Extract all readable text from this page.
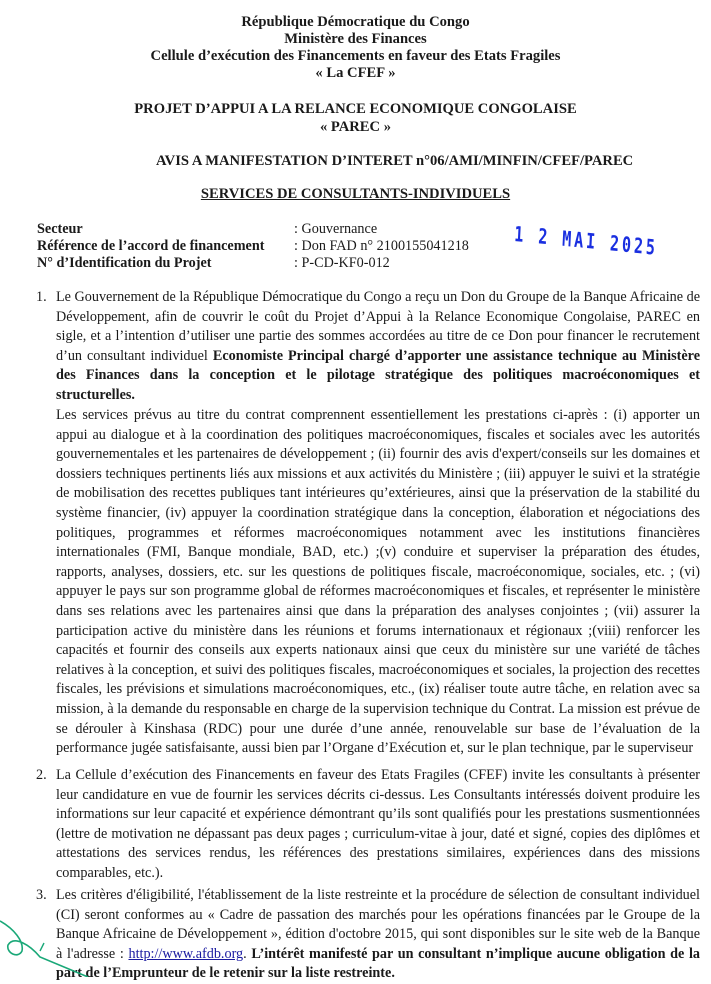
République Démocratique du Congo
Ministère des Finances
Cellule d’exécution des Financements en faveur des Etats Fragiles
« La CFEF »
PROJET D’APPUI A LA RELANCE ECONOMIQUE CONGOLAISE
« PAREC »
AVIS A MANIFESTATION D’INTERET n°06/AMI/MINFIN/CFEF/PAREC
SERVICES DE CONSULTANTS-INDIVIDUELS
Secteur	: Gouvernance
Référence de l’accord de financement	: Don FAD n° 2100155041218
N° d’Identification du Projet	: P-CD-KF0-012
1 2 MAI 2025
1. Le Gouvernement de la République Démocratique du Congo a reçu un Don du Groupe de la Banque Africaine de Développement, afin de couvrir le coût du Projet d’Appui à la Relance Economique Congolaise, PAREC en sigle, et a l’intention d’utiliser une partie des sommes accordées au titre de ce Don pour financer le recrutement d’un consultant individuel Economiste Principal chargé d’apporter une assistance technique au Ministère des Finances dans la conception et le pilotage stratégique des politiques macroéconomiques et structurelles.
Les services prévus au titre du contrat comprennent essentiellement les prestations ci-après : (i) apporter un appui au dialogue et à la coordination des politiques macroéconomiques, fiscales et sociales avec les autorités gouvernementales et les partenaires de développement ; (ii) fournir des avis d'expert/conseils sur les domaines et dossiers techniques pertinents liés aux missions et aux activités du Ministère ; (iii) appuyer le suivi et la stratégie de mobilisation des recettes publiques tant intérieures qu’extérieures, ainsi que la préservation de la stabilité du système financier, (iv) appuyer la coordination stratégique dans la conception, élaboration et négociations des politiques, programmes et réformes macroéconomiques notamment avec les institutions financières internationales (FMI, Banque mondiale, BAD, etc.) ;(v) conduire et superviser la préparation des études, rapports, analyses, dossiers, etc. sur les questions de politiques fiscale, macroéconomique, sociales, etc. ; (vi) appuyer le pays sur son programme global de réformes macroéconomiques et fiscales, et représenter le ministère dans ses relations avec les partenaires ainsi que dans la préparation des analyses conjointes ; (vii) assurer la participation active du ministère dans les réunions et forums internationaux et régionaux ;(viii) renforcer les capacités et fournir des conseils aux experts nationaux ainsi que ceux du ministère sur une variété de tâches relatives à la conception, et suivi des politiques fiscales, macroéconomiques et sociales, la projection des recettes fiscales, les prévisions et simulations macroéconomiques, etc., (ix) réaliser toute autre tâche, en relation avec sa mission, à la demande du responsable en charge de la supervision technique du Contrat. La mission est prévue de se dérouler à Kinshasa (RDC) pour une durée d’une année, renouvelable sur base de l’évaluation de la performance jugée satisfaisante, aussi bien par l’Organe d’Exécution et, sur le plan technique, par le superviseur
2. La Cellule d’exécution des Financements en faveur des Etats Fragiles (CFEF) invite les consultants à présenter leur candidature en vue de fournir les services décrits ci-dessus. Les Consultants intéressés doivent produire les informations sur leur capacité et expérience démontrant qu’ils sont qualifiés pour les prestations susmentionnées (lettre de motivation ne dépassant pas deux pages ; curriculum-vitae à jour, daté et signé, copies des diplômes et attestations des services rendus, les références des prestations similaires, expériences dans des missions comparables, etc.).
3. Les critères d'éligibilité, l'établissement de la liste restreinte et la procédure de sélection de consultant individuel (CI) seront conformes au « Cadre de passation des marchés pour les opérations financées par le Groupe de la Banque Africaine de Développement », édition d'octobre 2015, qui sont disponibles sur le site web de la Banque à l'adresse : http://www.afdb.org. L’intérêt manifesté par un consultant n’implique aucune obligation de la part de l’Emprunteur de le retenir sur la liste restreinte.
